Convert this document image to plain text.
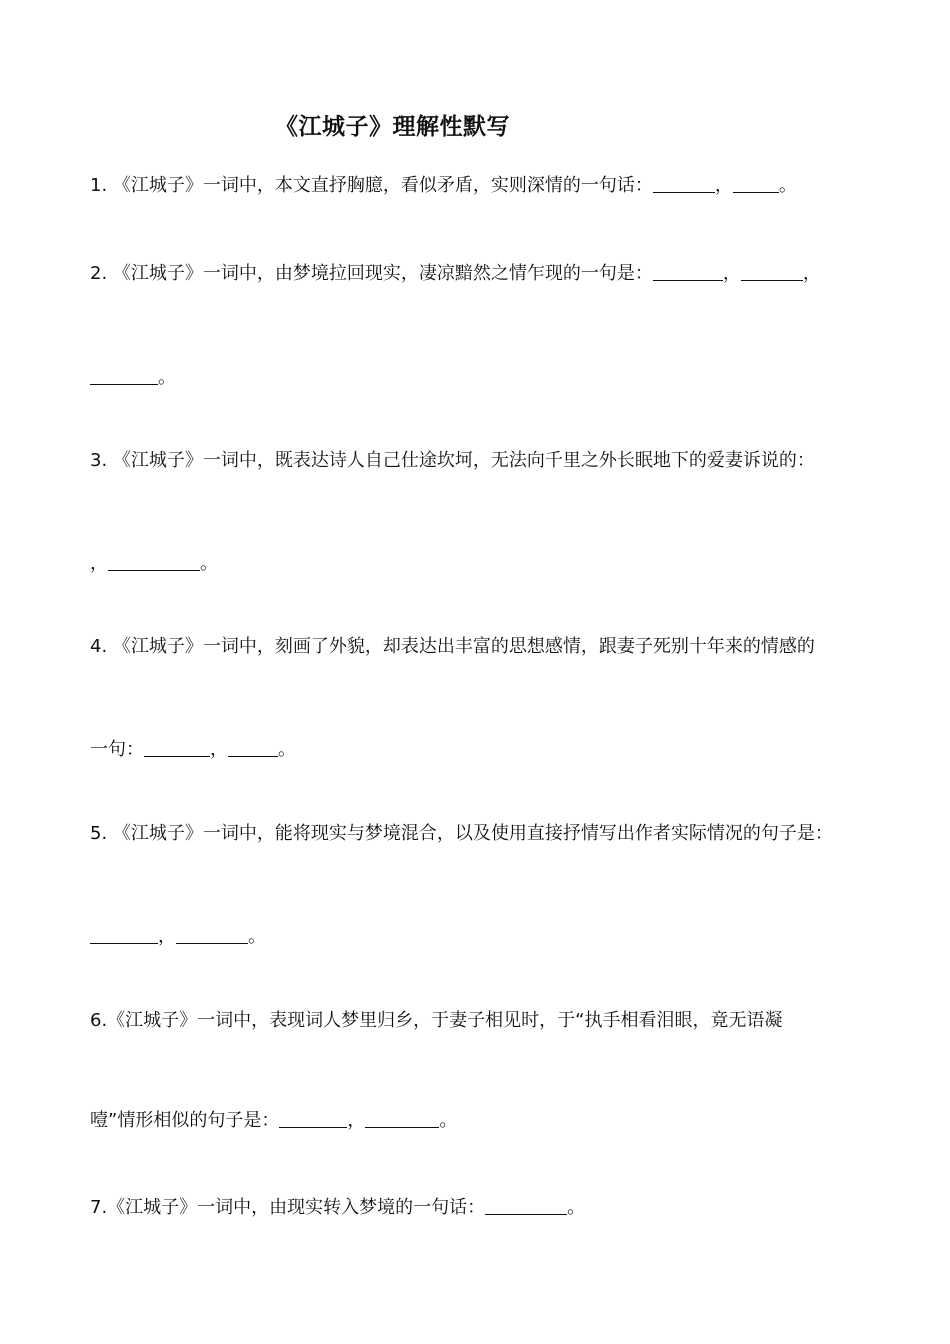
《江城子》理解性默写
1. 《江城子》一词中，本文直抒胸臆，看似矛盾，实则深情的一句话：	，	。
2. 《江城子》一词中，由梦境拉回现实，凄凉黯然之情乍现的一句是：	，	，
。
3. 《江城子》一词中，既表达诗人自己仕途坎坷，无法向千里之外长眠地下的爱妻诉说的：
，	。
4. 《江城子》一词中，刻画了外貌，却表达出丰富的思想感情，跟妻子死别十年来的情感的
一句：	，	。
5. 《江城子》一词中，能将现实与梦境混合，以及使用直接抒情写出作者实际情况的句子是：
，	。
6.《江城子》一词中，表现词人梦里归乡，于妻子相见时，于“执手相看泪眼，竟无语凝
噎”情形相似的句子是：	，	。
7.《江城子》一词中，由现实转入梦境的一句话：	。
